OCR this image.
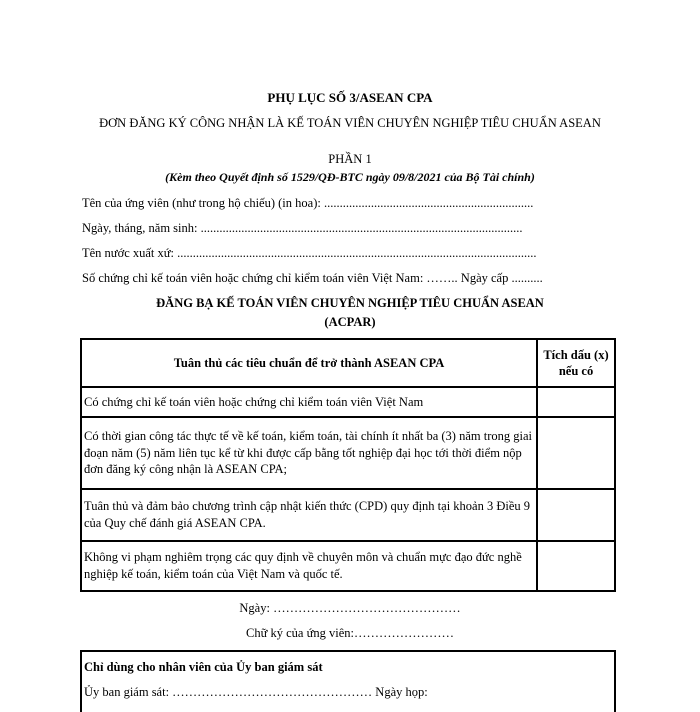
PHỤ LỤC SỐ 3/ASEAN CPA
ĐƠN ĐĂNG KÝ CÔNG NHẬN LÀ KẾ TOÁN VIÊN CHUYÊN NGHIỆP TIÊU CHUẨN ASEAN
PHẦN 1
(Kèm theo Quyết định số 1529/QĐ-BTC ngày 09/8/2021 của Bộ Tài chính)
Tên của ứng viên (như trong hộ chiếu) (in hoa): ...................................................................
Ngày, tháng, năm sinh: .......................................................................................................
Tên nước xuất xứ: ...................................................................................................................
Số chứng chỉ kế toán viên hoặc chứng chỉ kiểm toán viên Việt Nam: …….. Ngày cấp ..........
ĐĂNG BẠ KẾ TOÁN VIÊN CHUYÊN NGHIỆP TIÊU CHUẨN ASEAN
(ACPAR)
Tuân thủ các tiêu chuẩn để trở thành ASEAN CPA	Tích dấu (x) nếu có
Có chứng chỉ kế toán viên hoặc chứng chỉ kiểm toán viên Việt Nam	
Có thời gian công tác thực tế về kế toán, kiểm toán, tài chính ít nhất ba (3) năm trong giai đoạn năm (5) năm liên tục kể từ khi được cấp bằng tốt nghiệp đại học tới thời điểm nộp đơn đăng ký công nhận là ASEAN CPA;	
Tuân thủ và đảm bảo chương trình cập nhật kiến thức (CPD) quy định tại khoản 3 Điều 9 của Quy chế đánh giá ASEAN CPA.	
Không vi phạm nghiêm trọng các quy định về chuyên môn và chuẩn mực đạo đức nghề nghiệp kế toán, kiểm toán của Việt Nam và quốc tế.	
Ngày: ………………………………………
Chữ ký của ứng viên:……………………
Chỉ dùng cho nhân viên của Ủy ban giám sát
Ủy ban giám sát: ………………………………………… Ngày họp:
